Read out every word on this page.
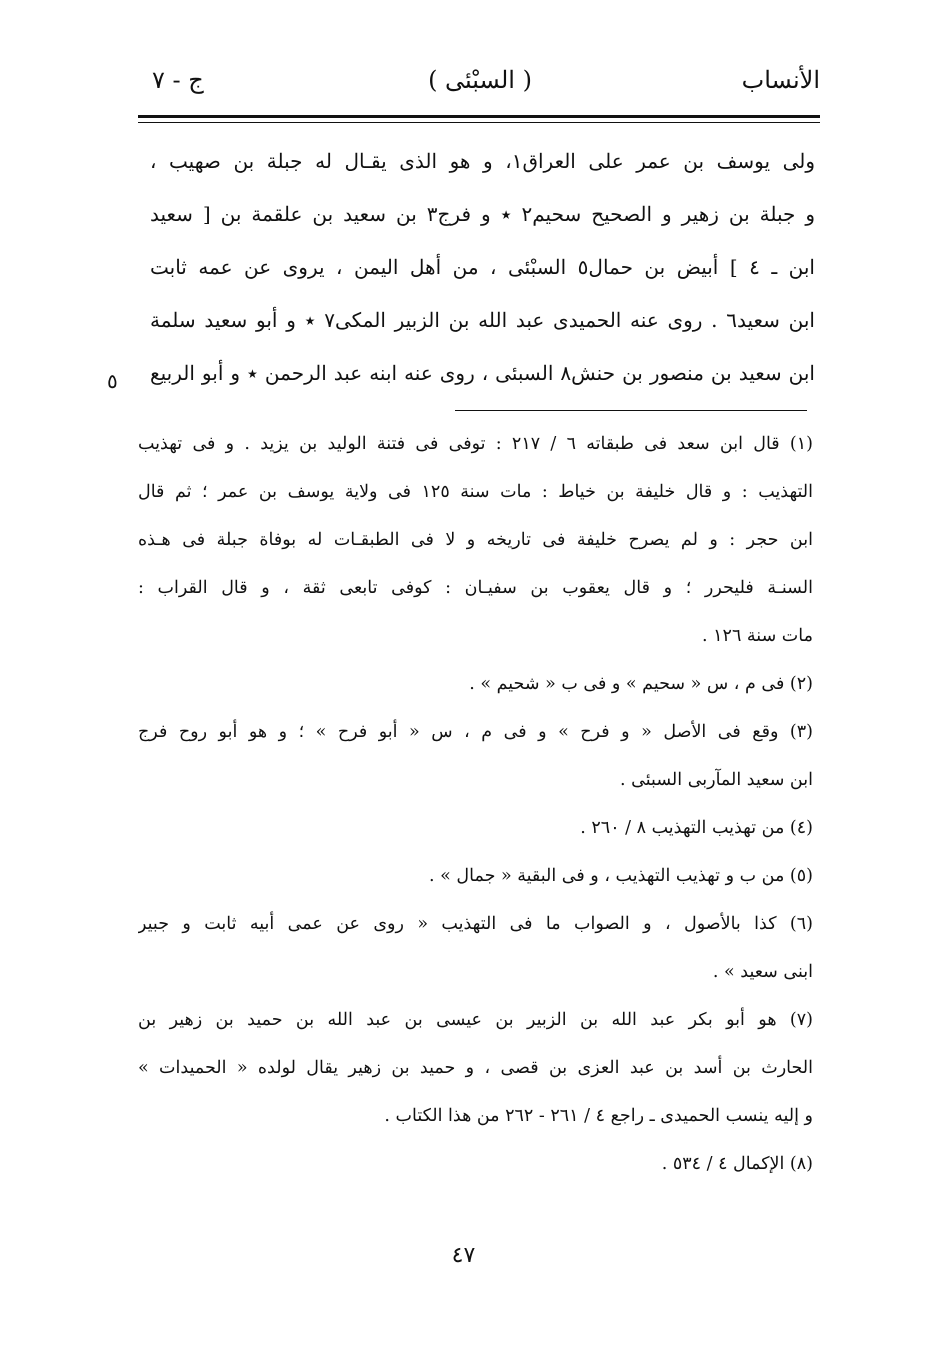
الأنساب
( السبْئى )
ج - ٧
ولى يوسف بن عمر على العراق١، و هو الذى يقـال له جبلة بن صهيب ،
و جبلة بن زهير و الصحيح سحيم٢ ٭ و فرج٣ بن سعيد بن علقمة بن [ سعيد
ابن ـ ٤ ] أبيض بن حمال٥ السبْئى ، من أهل اليمن ، يروى عن عمه ثابت
ابن سعيد٦ . روى عنه الحميدى عبد الله بن الزبير المكى٧ ٭ و أبو سعيد سلمة
ابن سعيد بن منصور بن حنش٨ السبئى ، روى عنه ابنه عبد الرحمن ٭ و أبو الربيع
٥
(١) قال ابن سعد فى طبقاته ٦ / ٢١٧ : توفى فى فتنة الوليد بن يزيد . و فى تهذيب
التهذيب : و قال خليفة بن خياط : مات سنة ١٢٥ فى ولاية يوسف بن عمر ؛ ثم قال
ابن حجر : و لم يصرح خليفة فى تاريخه و لا فى الطبقـات له بوفاة جبلة فى هـذه
السنـة فليحرر ؛ و قال يعقوب بن سفيـان : كوفى تابعى ثقة ، و قال القراب :
مات سنة ١٢٦ .
(٢) فى م ، س « سحيم » و فى ب « شحيم » .
(٣) وقع فى الأصل « و فرح » و فى م ، س « أبو فرح » ؛ و هو أبو روح فرج
ابن سعيد المآربى السبئى .
(٤) من تهذيب التهذيب ٨ / ٢٦٠ .
(٥) من ب و تهذيب التهذيب ، و فى البقية « جمال » .
(٦) كذا بالأصول ، و الصواب ما فى التهذيب « روى عن عمى أبيه ثابت و جبير
ابنى سعيد » .
(٧) هو أبو بكر عبد الله بن الزبير بن عيسى بن عبد الله بن حميد بن زهير بن
الحارث بن أسد بن عبد العزى بن قصى ، و حميد بن زهير يقال لولده « الحميدات »
و إليه ينسب الحميدى ـ راجع ٤ / ٢٦١ - ٢٦٢ من هذا الكتاب .
(٨) الإكمال ٤ / ٥٣٤ .
٤٧
